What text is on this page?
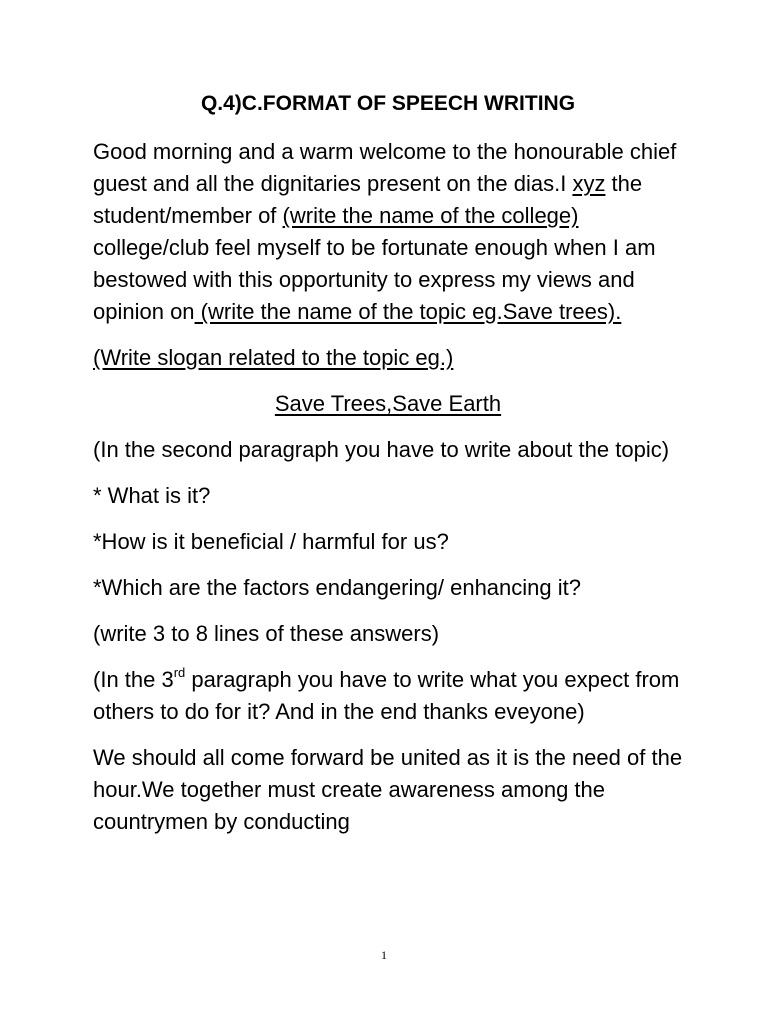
Q.4)C.FORMAT OF SPEECH WRITING

Good morning and a warm welcome to the honourable chief guest and all the dignitaries present on the dias.I xyz the student/member of (write the name of the college) college/club feel myself to be fortunate enough when I am bestowed with this opportunity to express my views and opinion on (write the name of the topic eg.Save trees).

(Write slogan related to the topic eg.)

Save Trees,Save Earth

(In the second paragraph you have to write about the topic)

* What is it?

*How is it beneficial / harmful for us?

*Which are the factors endangering/ enhancing it?

(write 3 to 8 lines of these answers)

(In the 3rd paragraph you have to write what you expect from others to do for it? And in the end thanks eveyone)

We should all come forward be united as it is the need of the hour.We together must create awareness among the countrymen by conducting

1
